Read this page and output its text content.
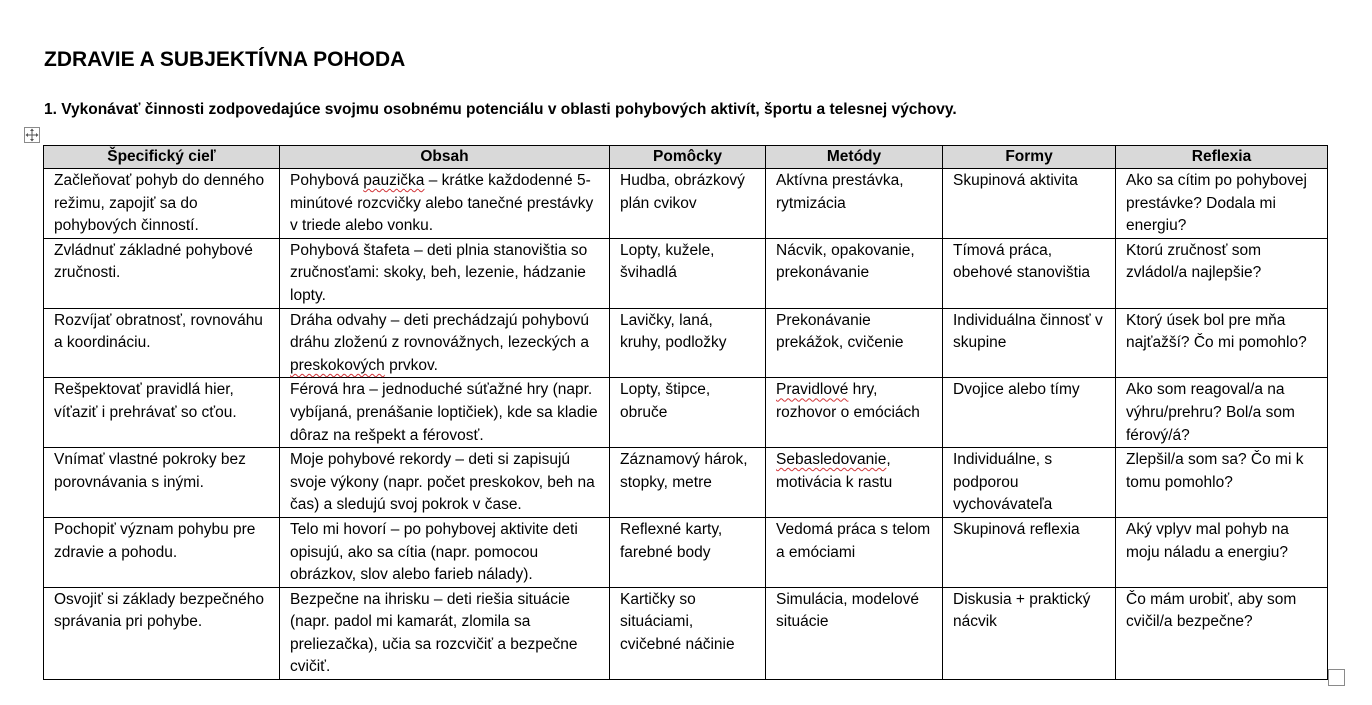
ZDRAVIE A SUBJEKTÍVNA POHODA

1. Vykonávať činnosti zodpovedajúce svojmu osobnému potenciálu v oblasti pohybových aktivít, športu a telesnej výchovy.

Špecifický cieľ	Obsah	Pomôcky	Metódy	Formy	Reflexia
Začleňovať pohyb do denného režimu, zapojiť sa do pohybových činností.	Pohybová pauzička – krátke každodenné 5-minútové rozcvičky alebo tanečné prestávky v triede alebo vonku.	Hudba, obrázkový plán cvikov	Aktívna prestávka, rytmizácia	Skupinová aktivita	Ako sa cítim po pohybovej prestávke? Dodala mi energiu?
Zvládnuť základné pohybové zručnosti.	Pohybová štafeta – deti plnia stanovištia so zručnosťami: skoky, beh, lezenie, hádzanie lopty.	Lopty, kužele, švihadlá	Nácvik, opakovanie, prekonávanie	Tímová práca, obehové stanovištia	Ktorú zručnosť som zvládol/a najlepšie?
Rozvíjať obratnosť, rovnováhu a koordináciu.	Dráha odvahy – deti prechádzajú pohybovú dráhu zloženú z rovnovážnych, lezeckých a preskokových prvkov.	Lavičky, laná, kruhy, podložky	Prekonávanie prekážok, cvičenie	Individuálna činnosť v skupine	Ktorý úsek bol pre mňa najťažší? Čo mi pomohlo?
Rešpektovať pravidlá hier, víťaziť i prehrávať so cťou.	Férová hra – jednoduché súťažné hry (napr. vybíjaná, prenášanie loptičiek), kde sa kladie dôraz na rešpekt a férovosť.	Lopty, štipce, obruče	Pravidlové hry, rozhovor o emóciách	Dvojice alebo tímy	Ako som reagoval/a na výhru/prehru? Bol/a som férový/á?
Vnímať vlastné pokroky bez porovnávania s inými.	Moje pohybové rekordy – deti si zapisujú svoje výkony (napr. počet preskokov, beh na čas) a sledujú svoj pokrok v čase.	Záznamový hárok, stopky, metre	Sebasledovanie, motivácia k rastu	Individuálne, s podporou vychovávateľa	Zlepšil/a som sa? Čo mi k tomu pomohlo?
Pochopiť význam pohybu pre zdravie a pohodu.	Telo mi hovorí – po pohybovej aktivite deti opisujú, ako sa cítia (napr. pomocou obrázkov, slov alebo farieb nálady).	Reflexné karty, farebné body	Vedomá práca s telom a emóciami	Skupinová reflexia	Aký vplyv mal pohyb na moju náladu a energiu?
Osvojiť si základy bezpečného správania pri pohybe.	Bezpečne na ihrisku – deti riešia situácie (napr. padol mi kamarát, zlomila sa preliezačka), učia sa rozcvičiť a bezpečne cvičiť.	Kartičky so situáciami, cvičebné náčinie	Simulácia, modelové situácie	Diskusia + praktický nácvik	Čo mám urobiť, aby som cvičil/a bezpečne?
